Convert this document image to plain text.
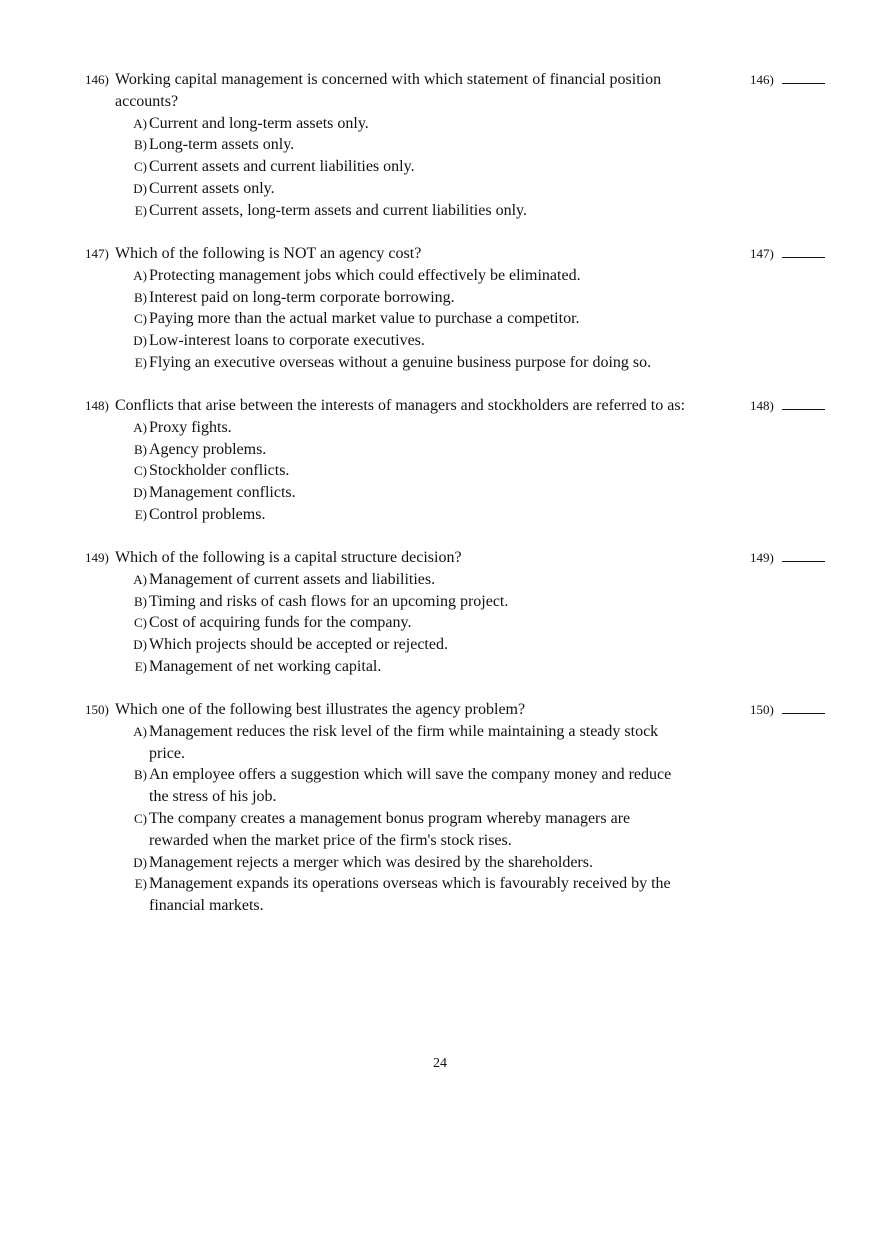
146) Working capital management is concerned with which statement of financial position	146)
accounts?
A) Current and long-term assets only.
B) Long-term assets only.
C) Current assets and current liabilities only.
D) Current assets only.
E) Current assets, long-term assets and current liabilities only.
147) Which of the following is NOT an agency cost?	147)
A) Protecting management jobs which could effectively be eliminated.
B) Interest paid on long-term corporate borrowing.
C) Paying more than the actual market value to purchase a competitor.
D) Low-interest loans to corporate executives.
E) Flying an executive overseas without a genuine business purpose for doing so.
148) Conflicts that arise between the interests of managers and stockholders are referred to as:	148)
A) Proxy fights.
B) Agency problems.
C) Stockholder conflicts.
D) Management conflicts.
E) Control problems.
149) Which of the following is a capital structure decision?	149)
A) Management of current assets and liabilities.
B) Timing and risks of cash flows for an upcoming project.
C) Cost of acquiring funds for the company.
D) Which projects should be accepted or rejected.
E) Management of net working capital.
150) Which one of the following best illustrates the agency problem?	150)
A) Management reduces the risk level of the firm while maintaining a steady stock
price.
B) An employee offers a suggestion which will save the company money and reduce
the stress of his job.
C) The company creates a management bonus program whereby managers are
rewarded when the market price of the firm's stock rises.
D) Management rejects a merger which was desired by the shareholders.
E) Management expands its operations overseas which is favourably received by the
financial markets.
24
